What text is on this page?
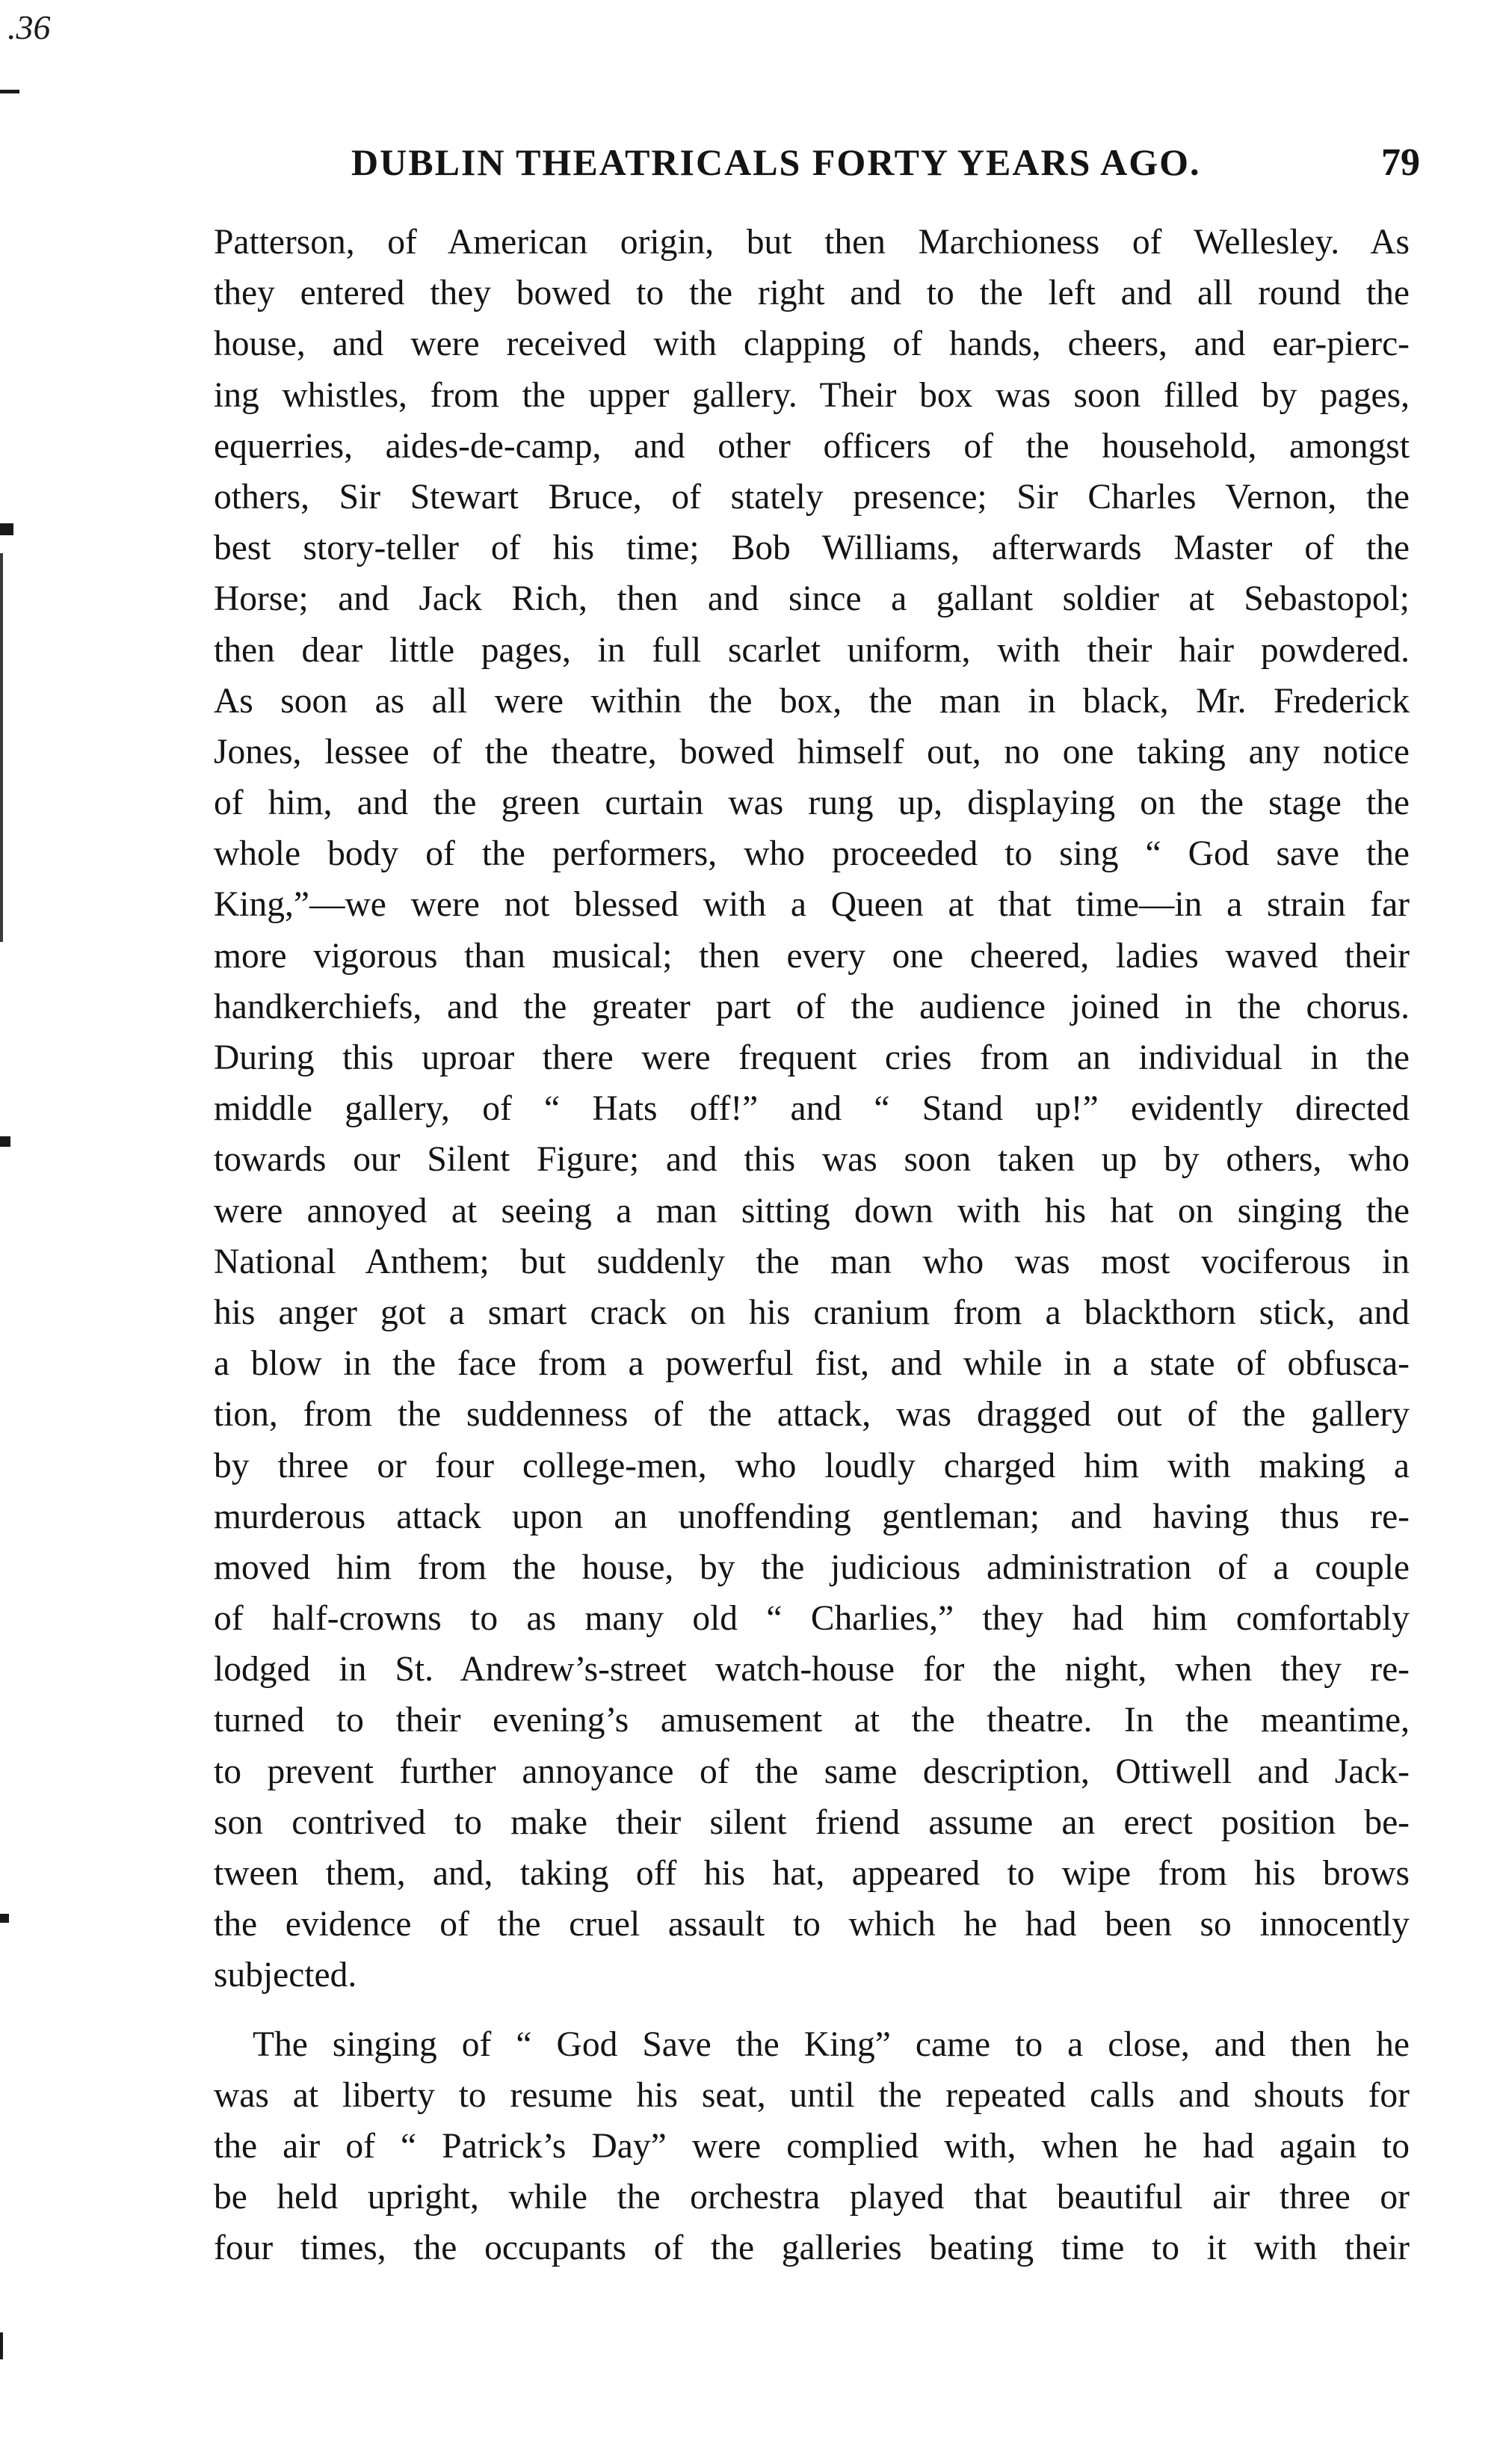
.36
DUBLIN THEATRICALS FORTY YEARS AGO.	79
Patterson, of American origin, but then Marchioness of Wellesley. As
they entered they bowed to the right and to the left and all round the
house, and were received with clapping of hands, cheers, and ear-pierc-
ing whistles, from the upper gallery. Their box was soon filled by pages,
equerries, aides-de-camp, and other officers of the household, amongst
others, Sir Stewart Bruce, of stately presence; Sir Charles Vernon, the
best story-teller of his time; Bob Williams, afterwards Master of the
Horse; and Jack Rich, then and since a gallant soldier at Sebastopol;
then dear little pages, in full scarlet uniform, with their hair powdered.
As soon as all were within the box, the man in black, Mr. Frederick
Jones, lessee of the theatre, bowed himself out, no one taking any notice
of him, and the green curtain was rung up, displaying on the stage the
whole body of the performers, who proceeded to sing “ God save the
King,”—we were not blessed with a Queen at that time—in a strain far
more vigorous than musical; then every one cheered, ladies waved their
handkerchiefs, and the greater part of the audience joined in the chorus.
During this uproar there were frequent cries from an individual in the
middle gallery, of “ Hats off!” and “ Stand up!” evidently directed
towards our Silent Figure; and this was soon taken up by others, who
were annoyed at seeing a man sitting down with his hat on singing the
National Anthem; but suddenly the man who was most vociferous in
his anger got a smart crack on his cranium from a blackthorn stick, and
a blow in the face from a powerful fist, and while in a state of obfusca-
tion, from the suddenness of the attack, was dragged out of the gallery
by three or four college-men, who loudly charged him with making a
murderous attack upon an unoffending gentleman; and having thus re-
moved him from the house, by the judicious administration of a couple
of half-crowns to as many old “ Charlies,” they had him comfortably
lodged in St. Andrew’s-street watch-house for the night, when they re-
turned to their evening’s amusement at the theatre. In the meantime,
to prevent further annoyance of the same description, Ottiwell and Jack-
son contrived to make their silent friend assume an erect position be-
tween them, and, taking off his hat, appeared to wipe from his brows
the evidence of the cruel assault to which he had been so innocently
subjected.
The singing of “ God Save the King” came to a close, and then he
was at liberty to resume his seat, until the repeated calls and shouts for
the air of “ Patrick’s Day” were complied with, when he had again to
be held upright, while the orchestra played that beautiful air three or
four times, the occupants of the galleries beating time to it with their
